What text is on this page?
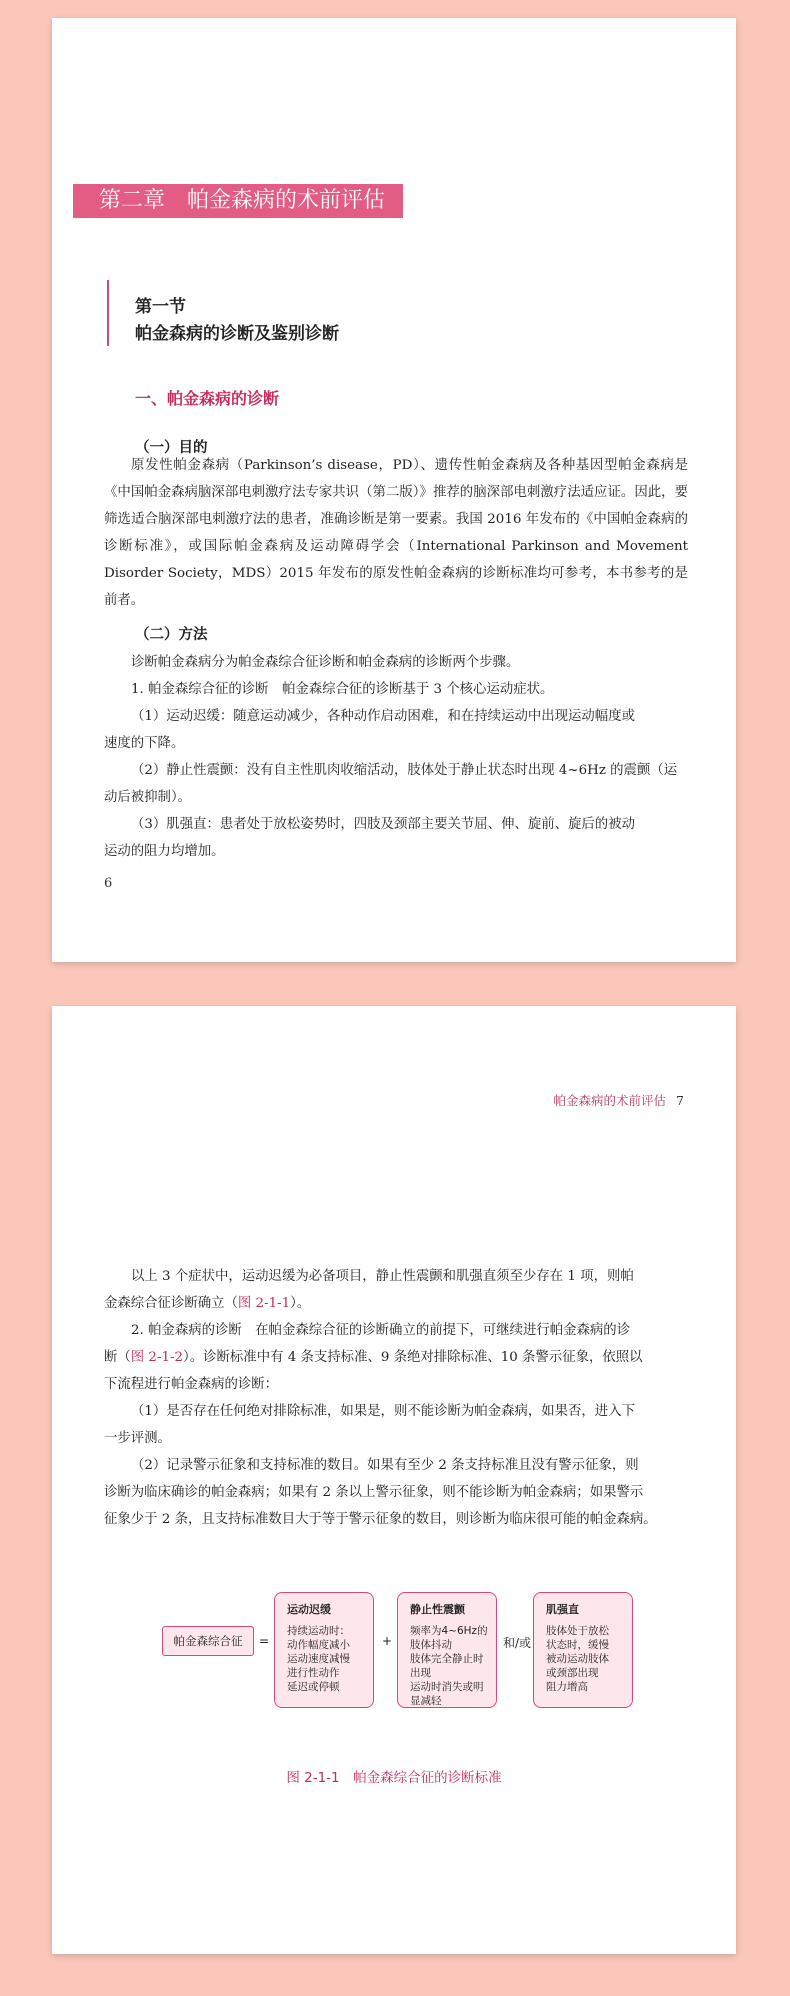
第二章　帕金森病的术前评估
第一节
帕金森病的诊断及鉴别诊断
一、帕金森病的诊断
（一）目的
原发性帕金森病（Parkinson’s disease，PD）、遗传性帕金森病及各种基因型帕金森病是《中国帕金森病脑深部电刺激疗法专家共识（第二版）》推荐的脑深部电刺激疗法适应证。因此，要筛选适合脑深部电刺激疗法的患者，准确诊断是第一要素。我国 2016 年发布的《中国帕金森病的诊断标准》，或国际帕金森病及运动障碍学会（International Parkinson and Movement Disorder Society，MDS）2015 年发布的原发性帕金森病的诊断标准均可参考，本书参考的是前者。
（二）方法
诊断帕金森病分为帕金森综合征诊断和帕金森病的诊断两个步骤。
1. 帕金森综合征的诊断　帕金森综合征的诊断基于 3 个核心运动症状。
（1）运动迟缓：随意运动减少，各种动作启动困难，和在持续运动中出现运动幅度或
速度的下降。
（2）静止性震颤：没有自主性肌肉收缩活动，肢体处于静止状态时出现 4~6Hz 的震颤（运
动后被抑制）。
（3）肌强直：患者处于放松姿势时，四肢及颈部主要关节屈、伸、旋前、旋后的被动
运动的阻力均增加。
6
帕金森病的术前评估 7
以上 3 个症状中，运动迟缓为必备项目，静止性震颤和肌强直须至少存在 1 项，则帕
金森综合征诊断确立（图 2-1-1）。
2. 帕金森病的诊断　在帕金森综合征的诊断确立的前提下，可继续进行帕金森病的诊
断（图 2-1-2）。诊断标准中有 4 条支持标准、9 条绝对排除标准、10 条警示征象，依照以
下流程进行帕金森病的诊断：
（1）是否存在任何绝对排除标准，如果是，则不能诊断为帕金森病，如果否，进入下
一步评测。
（2）记录警示征象和支持标准的数目。如果有至少 2 条支持标准且没有警示征象，则
诊断为临床确诊的帕金森病；如果有 2 条以上警示征象，则不能诊断为帕金森病；如果警示
征象少于 2 条，且支持标准数目大于等于警示征象的数目，则诊断为临床很可能的帕金森病。
帕金森综合征	=
运动迟缓
持续运动时：
动作幅度减小
运动速度减慢
进行性动作
延迟或停顿
+
静止性震颤
频率为4~6Hz的
肢体抖动
肢体完全静止时
出现
运动时消失或明
显减轻
和/或
肌强直
肢体处于放松
状态时，缓慢
被动运动肢体
或颈部出现
阻力增高
图 2-1-1　帕金森综合征的诊断标准
